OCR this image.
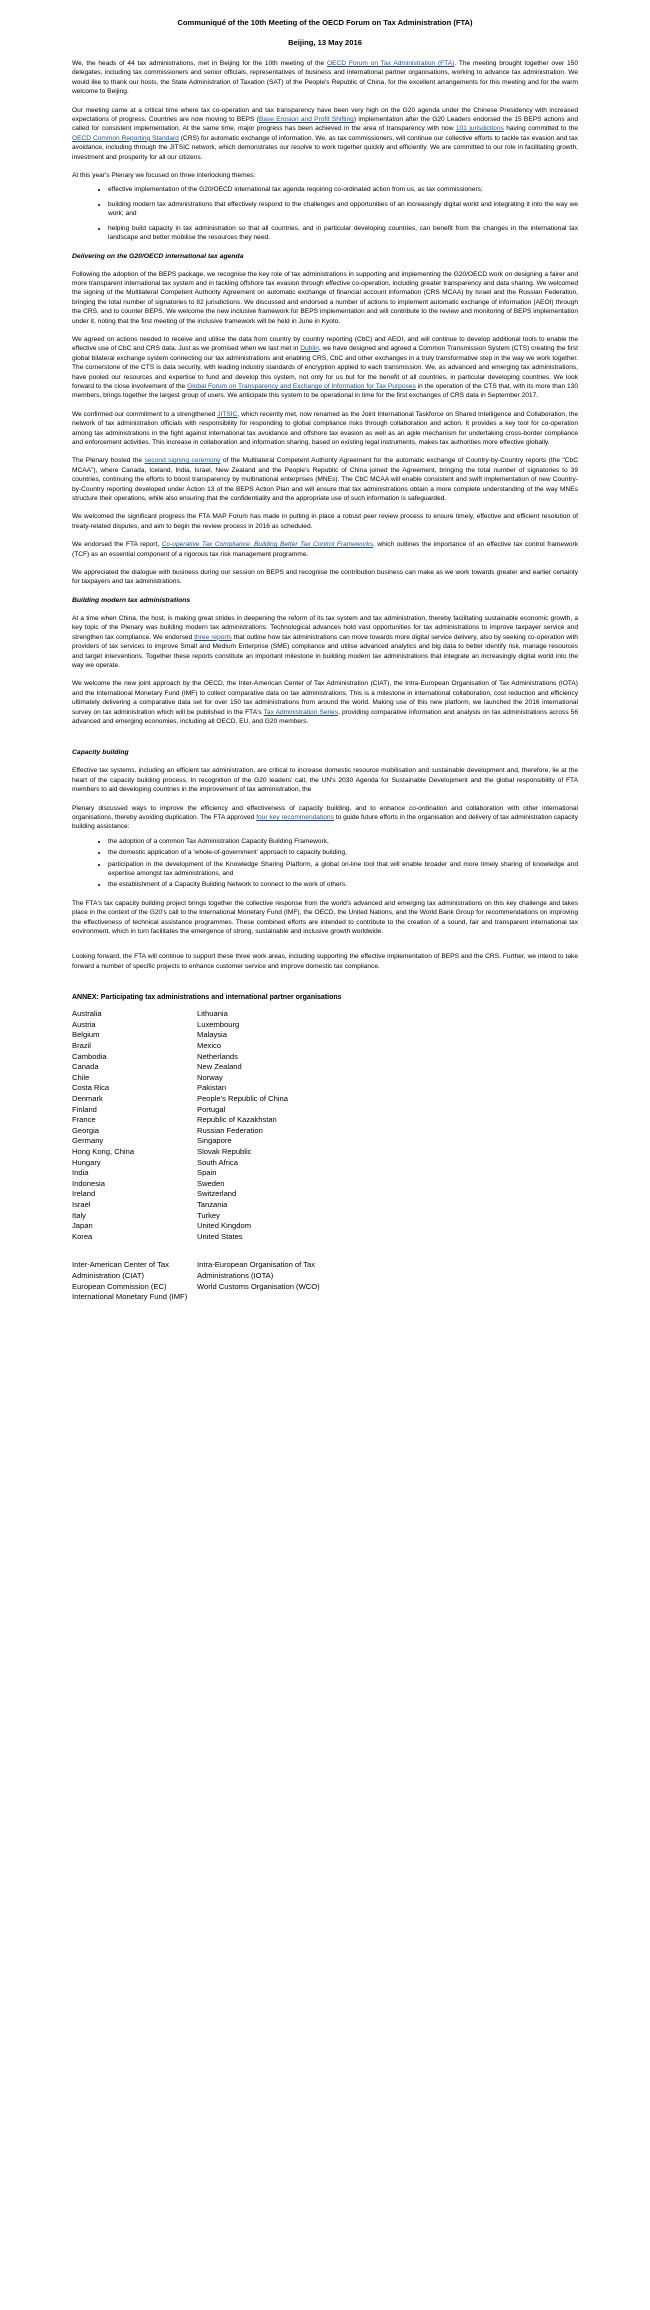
Communiqué of the 10th Meeting of the OECD Forum on Tax Administration (FTA)
Beijing, 13 May 2016

We, the heads of 44 tax administrations, met in Beijing for the 10th meeting of the OECD Forum on Tax Administration (FTA). The meeting brought together over 150 delegates, including tax commissioners and senior officials, representatives of business and international partner organisations, working to advance tax administration. We would like to thank our hosts, the State Administration of Taxation (SAT) of the People's Republic of China, for the excellent arrangements for this meeting and for the warm welcome to Beijing.

Our meeting came at a critical time where tax co-operation and tax transparency have been very high on the G20 agenda under the Chinese Presidency with increased expectations of progress. Countries are now moving to BEPS (Base Erosion and Profit Shifting) implementation after the G20 Leaders endorsed the 15 BEPS actions and called for consistent implementation. At the same time, major progress has been achieved in the area of transparency with now 101 jurisdictions having committed to the OECD Common Reporting Standard (CRS) for automatic exchange of information. We, as tax commissioners, will continue our collective efforts to tackle tax evasion and tax avoidance, including through the JITSIC network, which demonstrates our resolve to work together quickly and efficiently. We are committed to our role in facilitating growth, investment and prosperity for all our citizens.

At this year's Plenary we focused on three interlocking themes:

• effective implementation of the G20/OECD international tax agenda requiring co-ordinated action from us, as tax commissioners;
• building modern tax administrations that effectively respond to the challenges and opportunities of an increasingly digital world and integrating it into the way we work; and
• helping build capacity in tax administration so that all countries, and in particular developing countries, can benefit from the changes in the international tax landscape and better mobilise the resources they need.
Delivering on the G20/OECD international tax agenda

Following the adoption of the BEPS package, we recognise the key role of tax administrations in supporting and implementing the G20/OECD work on designing a fairer and more transparent international tax system and in tackling offshore tax evasion through effective co-operation, including greater transparency and data sharing. We welcomed the signing of the Multilateral Competent Authority Agreement on automatic exchange of financial account information (CRS MCAA) by Israel and the Russian Federation, bringing the total number of signatories to 82 jurisdictions. We discussed and endorsed a number of actions to implement automatic exchange of information (AEOI) through the CRS, and to counter BEPS. We welcome the new inclusive framework for BEPS implementation and will contribute to the review and monitoring of BEPS implementation under it, noting that the first meeting of the inclusive framework will be held in June in Kyoto.

We agreed on actions needed to receive and utilise the data from country by country reporting (CbC) and AEOI, and will continue to develop additional tools to enable the effective use of CbC and CRS data. Just as we promised when we last met in Dublin, we have designed and agreed a Common Transmission System (CTS) creating the first global bilateral exchange system connecting our tax administrations and enabling CRS, CbC and other exchanges in a truly transformative step in the way we work together. The cornerstone of the CTS is data security, with leading industry standards of encryption applied to each transmission. We, as advanced and emerging tax administrations, have pooled our resources and expertise to fund and develop this system, not only for us but for the benefit of all countries, in particular developing countries. We look forward to the close involvement of the Global Forum on Transparency and Exchange of Information for Tax Purposes in the operation of the CTS that, with its more than 130 members, brings together the largest group of users. We anticipate this system to be operational in time for the first exchanges of CRS data in September 2017.

We confirmed our commitment to a strengthened JITSIC, which recently met, now renamed as the Joint International Taskforce on Shared Intelligence and Collaboration, the network of tax administration officials with responsibility for responding to global compliance risks through collaboration and action. It provides a key tool for co-operation among tax administrations in the fight against international tax avoidance and offshore tax evasion as well as an agile mechanism for undertaking cross-border compliance and enforcement activities. This increase in collaboration and information sharing, based on existing legal instruments, makes tax authorities more effective globally.

The Plenary hosted the second signing ceremony of the Multilateral Competent Authority Agreement for the automatic exchange of Country-by-Country reports (the "CbC MCAA"), where Canada, Iceland, India, Israel, New Zealand and the People's Republic of China joined the Agreement, bringing the total number of signatories to 39 countries, continuing the efforts to boost transparency by multinational enterprises (MNEs). The CbC MCAA will enable consistent and swift implementation of new Country-by-Country reporting developed under Action 13 of the BEPS Action Plan and will ensure that tax administrations obtain a more complete understanding of the way MNEs structure their operations, while also ensuring that the confidentiality and the appropriate use of such information is safeguarded.

We welcomed the significant progress the FTA MAP Forum has made in putting in place a robust peer review process to ensure timely, effective and efficient resolution of treaty-related disputes, and aim to begin the review process in 2016 as scheduled.

We endorsed the FTA report, Co-operative Tax Compliance: Building Better Tax Control Frameworks, which outlines the importance of an effective tax control framework (TCF) as an essential component of a rigorous tax risk management programme.

We appreciated the dialogue with business during our session on BEPS and recognise the contribution business can make as we work towards greater and earlier certainty for taxpayers and tax administrations.

Building modern tax administrations

At a time when China, the host, is making great strides in deepening the reform of its tax system and tax administration, thereby facilitating sustainable economic growth, a key topic of the Plenary was building modern tax administrations. Technological advances hold vast opportunities for tax administrations to improve taxpayer service and strengthen tax compliance. We endorsed three reports that outline how tax administrations can move towards more digital service delivery, also by seeking co-operation with providers of tax services to improve Small and Medium Enterprise (SME) compliance and utilise advanced analytics and big data to better identify risk, manage resources and target interventions. Together these reports constitute an important milestone in building modern tax administrations that integrate an increasingly digital world into the way we operate.

We welcome the new joint approach by the OECD, the Inter-American Center of Tax Administration (CIAT), the Intra-European Organisation of Tax Administrations (IOTA) and the International Monetary Fund (IMF) to collect comparative data on tax administrations. This is a milestone in international collaboration, cost reduction and efficiency ultimately delivering a comparative data set for over 150 tax administrations from around the world. Making use of this new platform, we launched the 2016 international survey on tax administration which will be published in the FTA's Tax Administration Series, providing comparative information and analysis on tax administrations across 56 advanced and emerging economies, including all OECD, EU, and G20 members.

Capacity building

Effective tax systems, including an efficient tax administration, are critical to increase domestic resource mobilisation and sustainable development and, therefore, lie at the heart of the capacity building process. In recognition of the G20 leaders' call, the UN's 2030 Agenda for Sustainable Development and the global responsibility of FTA members to aid developing countries in the improvement of tax administration, the

Plenary discussed ways to improve the efficiency and effectiveness of capacity building, and to enhance co-ordination and collaboration with other international organisations, thereby avoiding duplication. The FTA approved four key recommendations to guide future efforts in the organisation and delivery of tax administration capacity building assistance:

• the adoption of a common Tax Administration Capacity Building Framework,
• the domestic application of a 'whole-of-government' approach to capacity building,
• participation in the development of the Knowledge Sharing Platform, a global on-line tool that will enable broader and more timely sharing of knowledge and expertise amongst tax administrations, and
• the establishment of a Capacity Building Network to connect to the work of others.

The FTA's tax capacity building project brings together the collective response from the world's advanced and emerging tax administrations on this key challenge and takes place in the context of the G20's call to the International Monetary Fund (IMF), the OECD, the United Nations, and the World Bank Group for recommendations on improving the effectiveness of technical assistance programmes. These combined efforts are intended to contribute to the creation of a sound, fair and transparent international tax environment, which in turn facilitates the emergence of strong, sustainable and inclusive growth worldwide.

Looking forward, the FTA will continue to support these three work areas, including supporting the effective implementation of BEPS and the CRS. Further, we intend to take forward a number of specific projects to enhance customer service and improve domestic tax compliance.

ANNEX: Participating tax administrations and international partner organisations
Australia
Austria
Belgium
Brazil
Cambodia
Canada
Chile
Costa Rica
Denmark
Finland
France
Georgia
Germany
Hong Kong, China
Hungary
India
Indonesia
Ireland
Israel
Italy
Japan
Korea
Lithuania
Luxembourg
Malaysia
Mexico
Netherlands
New Zealand
Norway
Pakistan
People's Republic of China
Portugal
Republic of Kazakhstan
Russian Federation
Singapore
Slovak Republic
South Africa
Spain
Sweden
Switzerland
Tanzania
Turkey
United Kingdom
United States
Inter-American Center of Tax
Administration (CIAT)
European Commission (EC)
International Monetary Fund (IMF)
Intra-European Organisation of Tax
Administrations (IOTA)
World Customs Organisation (WCO)
